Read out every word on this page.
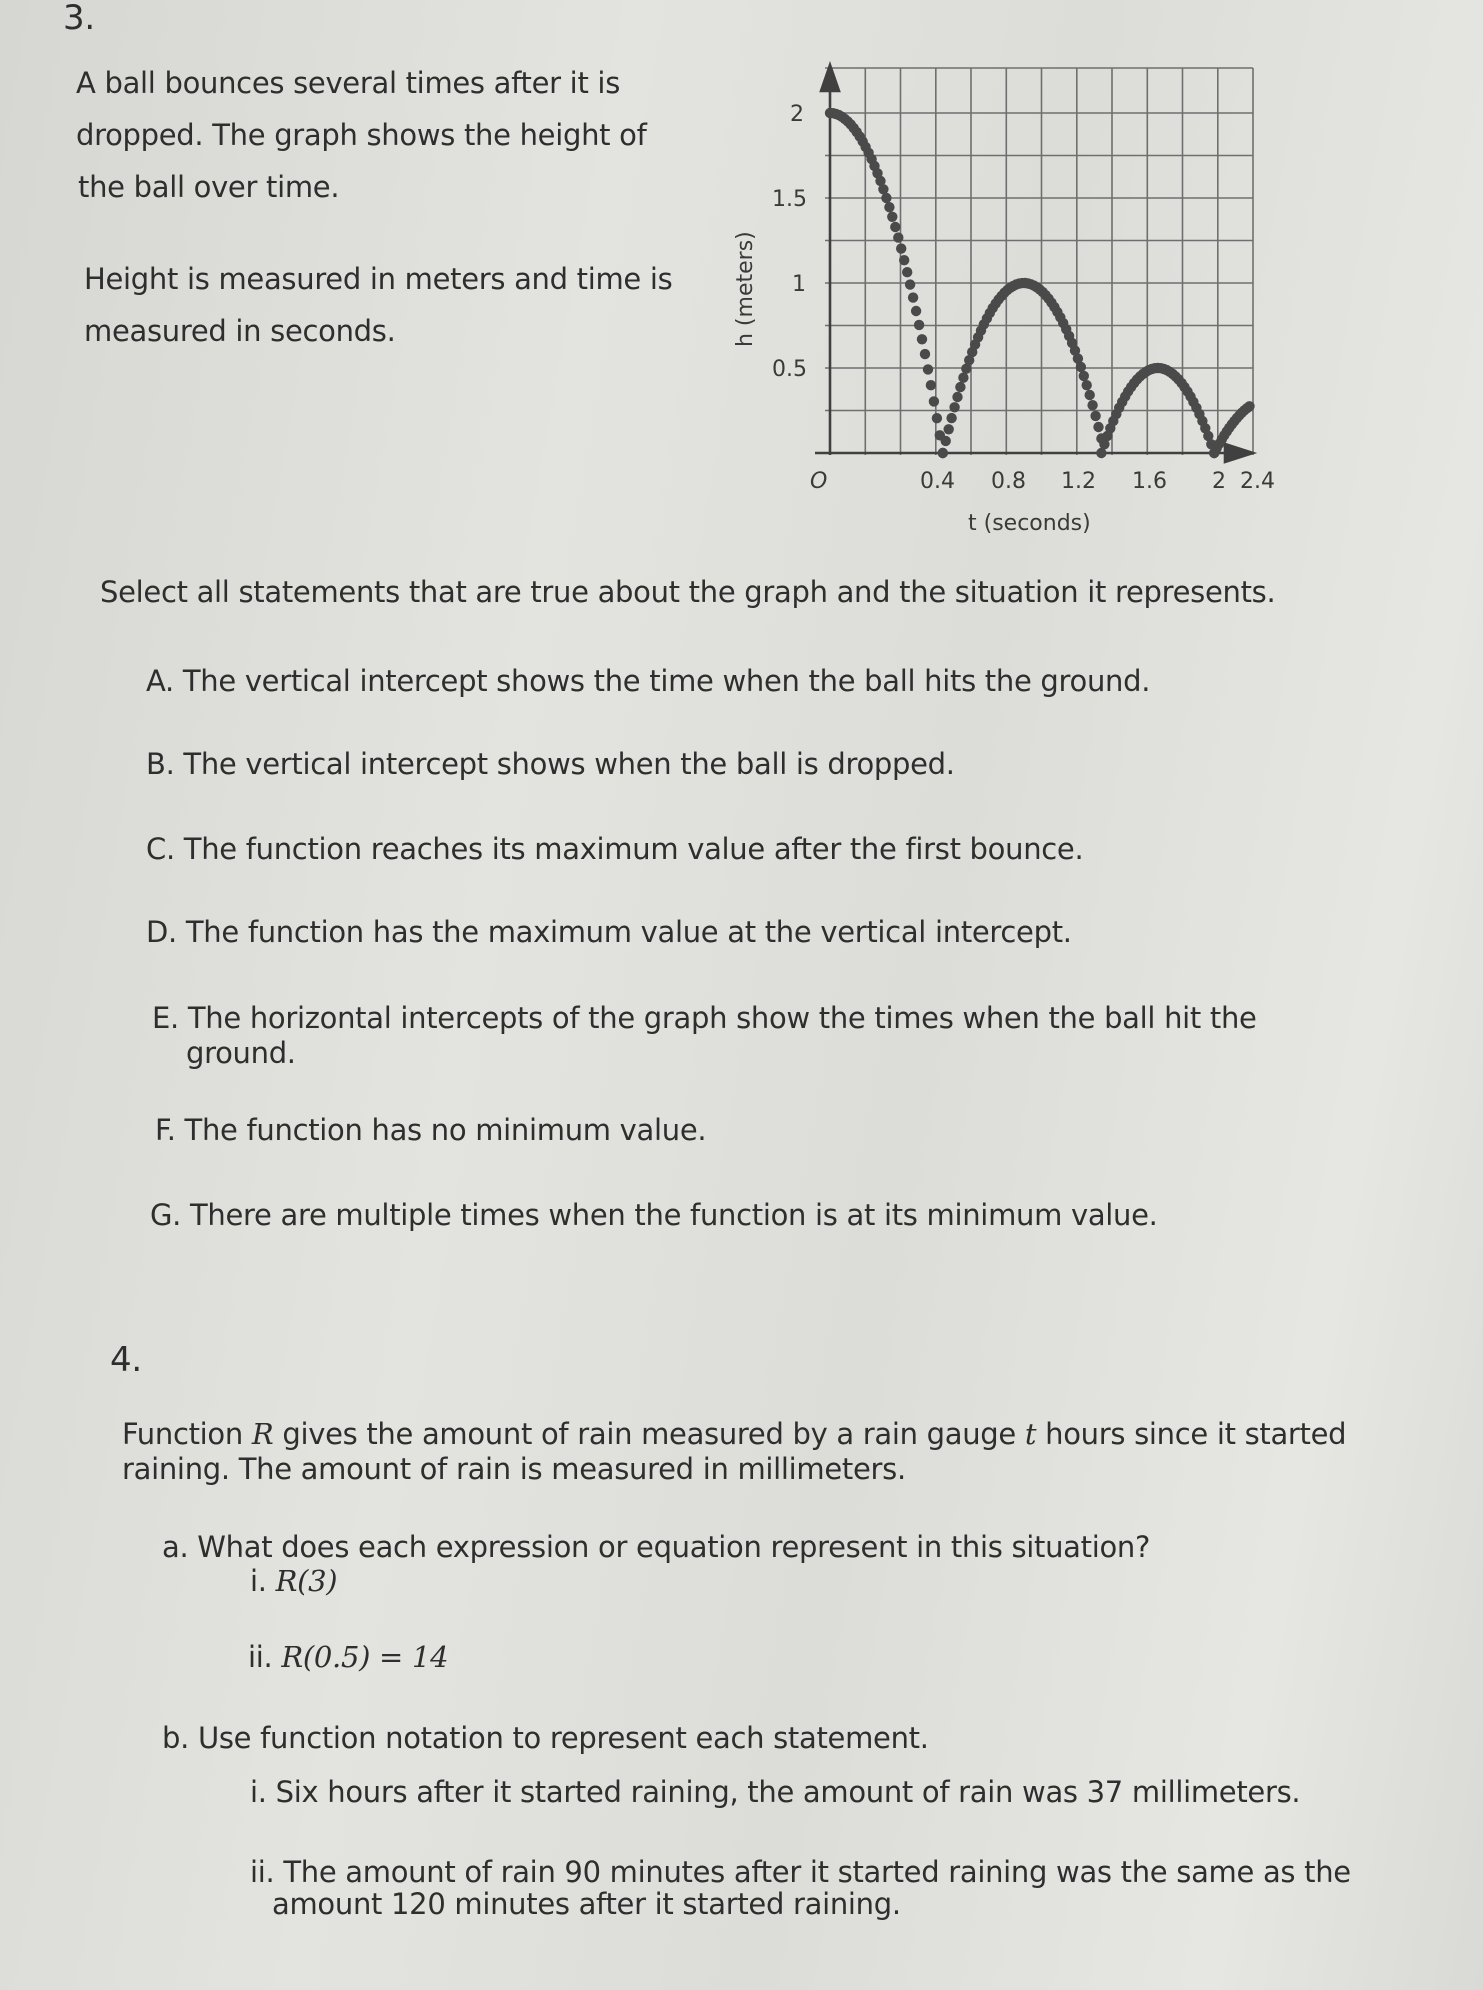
3.
A ball bounces several times after it is
dropped. The graph shows the height of
the ball over time.
Height is measured in meters and time is
measured in seconds.
2
1.5
1
0.5
O	0.4 0.8 1.2 1.6 2 2.4
t (seconds)
h (meters)
Select all statements that are true about the graph and the situation it represents.
A. The vertical intercept shows the time when the ball hits the ground.
B. The vertical intercept shows when the ball is dropped.
C. The function reaches its maximum value after the first bounce.
D. The function has the maximum value at the vertical intercept.
E. The horizontal intercepts of the graph show the times when the ball hit the
ground.
F. The function has no minimum value.
G. There are multiple times when the function is at its minimum value.
4.
Function R gives the amount of rain measured by a rain gauge t hours since it started
raining. The amount of rain is measured in millimeters.
a. What does each expression or equation represent in this situation?
i. R(3)
ii. R(0.5) = 14
b. Use function notation to represent each statement.
i. Six hours after it started raining, the amount of rain was 37 millimeters.
ii. The amount of rain 90 minutes after it started raining was the same as the
amount 120 minutes after it started raining.
